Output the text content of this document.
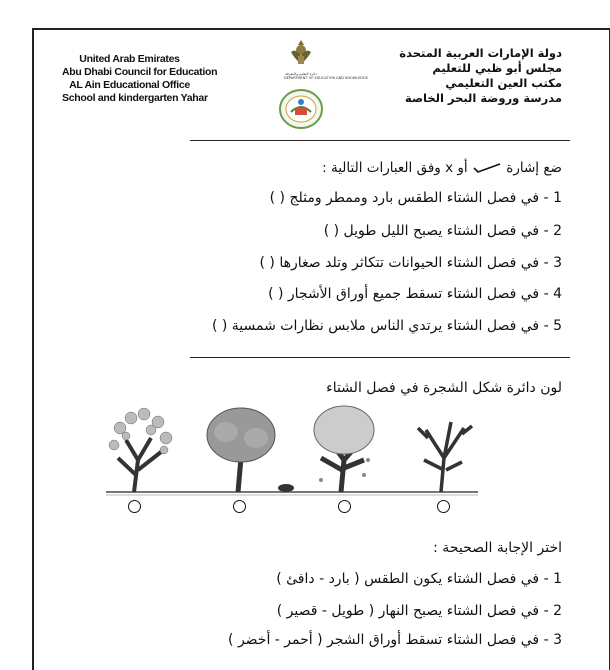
United Arab Emirates
Abu Dhabi Council for Education
AL Ain Educational Office
School and kindergarten Yahar
دائرة التعليم والمعرفة
DEPARTMENT OF EDUCATION AND KNOWLEDGE
دولة الإمارات العربية المتحدة
مجلس أبو ظبي للتعليم
مكتب العين التعليمي
مدرسة وروضة البحر الخاصة
ضع إشارة  أو x وفق العبارات التالية :
1 - في فصل الشتاء الطقس بارد وممطر ومثلج ( )
2 - في فصل الشتاء يصبح الليل طويل ( )
3 - في فصل الشتاء الحيوانات تتكاثر وتلد صغارها ( )
4 - في فصل الشتاء تسقط جميع أوراق الأشجار ( )
5 - في فصل الشتاء يرتدي الناس ملابس نظارات شمسية ( )
لون دائرة شكل الشجرة في فصل الشتاء
اختر الإجابة الصحيحة :
1 - في فصل الشتاء يكون الطقس ( بارد - دافئ )
2 - في فصل الشتاء يصبح النهار ( طويل - قصير )
3 - في فصل الشتاء تسقط أوراق الشجر ( أحمر - أخضر )
